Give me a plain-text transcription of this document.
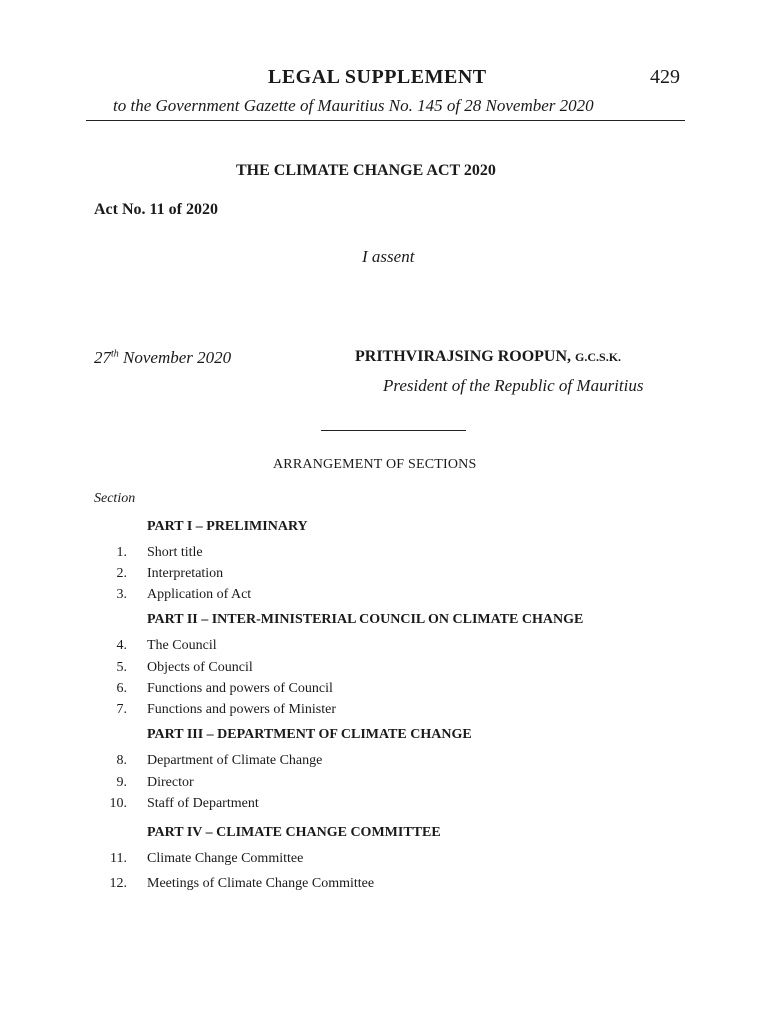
LEGAL SUPPLEMENT	429
to the Government Gazette of Mauritius No. 145 of 28 November 2020
THE CLIMATE CHANGE ACT 2020
Act No. 11 of 2020
I assent
27th November 2020	PRITHVIRAJSING ROOPUN, G.C.S.K.
President of the Republic of Mauritius
ARRANGEMENT OF SECTIONS
Section
PART I – PRELIMINARY
1. Short title
2. Interpretation
3. Application of Act
PART II – INTER-MINISTERIAL COUNCIL ON CLIMATE CHANGE
4. The Council
5. Objects of Council
6. Functions and powers of Council
7. Functions and powers of Minister
PART III – DEPARTMENT OF CLIMATE CHANGE
8. Department of Climate Change
9. Director
10. Staff of Department
PART IV – CLIMATE CHANGE COMMITTEE
11. Climate Change Committee
12. Meetings of Climate Change Committee
